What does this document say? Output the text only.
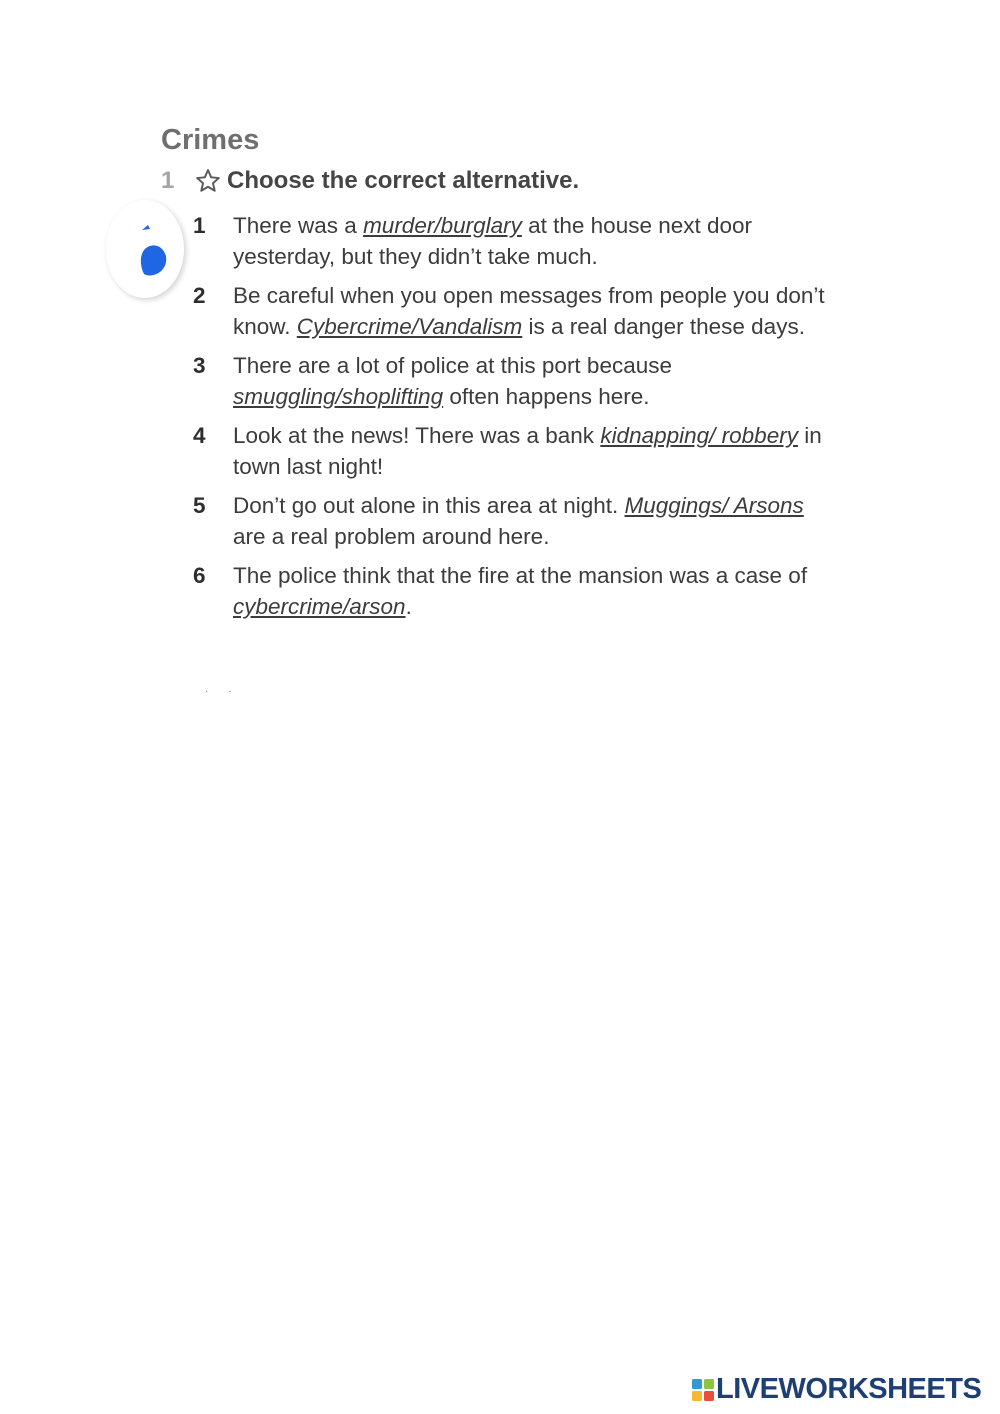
Crimes
1	Choose the correct alternative.
1	There was a murder/burglary at the house next door yesterday, but they didn’t take much.
2	Be careful when you open messages from people you don’t know. Cybercrime/Vandalism is a real danger these days.
3	There are a lot of police at this port because smuggling/shoplifting often happens here.
4	Look at the news! There was a bank kidnapping/ robbery in town last night!
5	Don’t go out alone in this area at night. Muggings/ Arsons are a real problem around here.
6	The police think that the fire at the mansion was a case of cybercrime/arson.
··
LIVEWORKSHEETS
